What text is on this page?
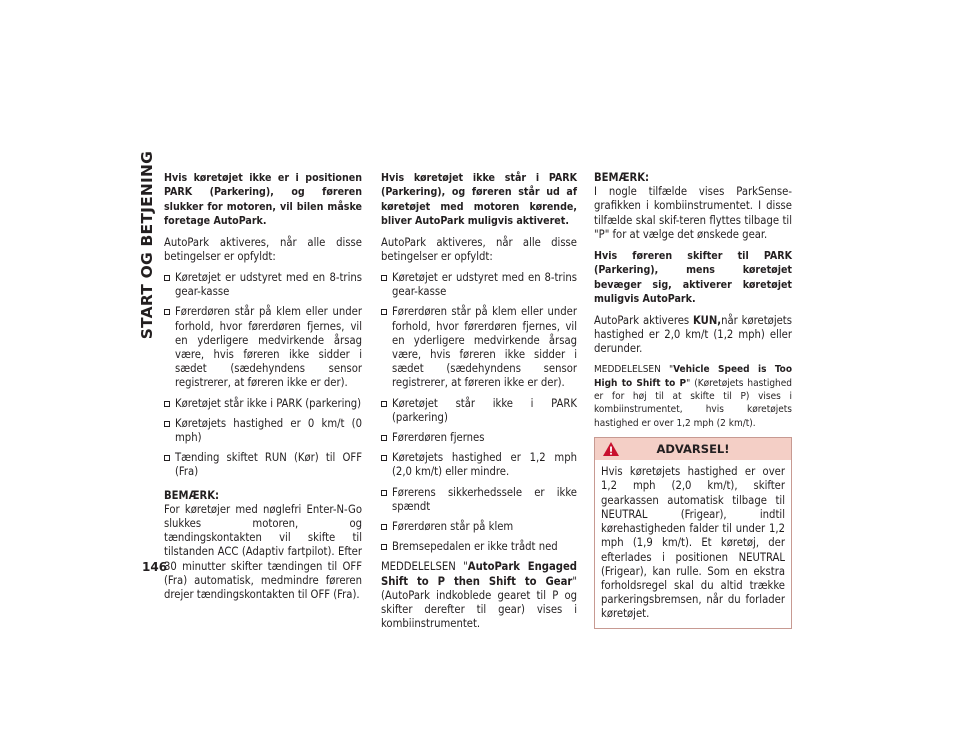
START OG BETJENING
146

Hvis køretøjet ikke er i positionen PARK (Parkering), og føreren slukker for motoren, vil bilen måske foretage AutoPark.

AutoPark aktiveres, når alle disse betingelser er opfyldt:

Køretøjet er udstyret med en 8-trins gear-kasse
Førerdøren står på klem eller under forhold, hvor førerdøren fjernes, vil en yderligere medvirkende årsag være, hvis føreren ikke sidder i sædet (sædehyndens sensor registrerer, at føreren ikke er der).
Køretøjet står ikke i PARK (parkering)
Køretøjets hastighed er 0 km/t (0 mph)
Tænding skiftet RUN (Kør) til OFF (Fra)

BEMÆRK:
For køretøjer med nøglefri Enter-N-Go slukkes motoren, og tændingskontakten vil skifte til tilstanden ACC (Adaptiv fartpilot). Efter 30 minutter skifter tændingen til OFF (Fra) automatisk, medmindre føreren drejer tændingskontakten til OFF (Fra).

Hvis køretøjet ikke står i PARK (Parkering), og føreren står ud af køretøjet med motoren kørende, bliver AutoPark muligvis aktiveret.

AutoPark aktiveres, når alle disse betingelser er opfyldt:

Køretøjet er udstyret med en 8-trins gear-kasse
Førerdøren står på klem eller under forhold, hvor førerdøren fjernes, vil en yderligere medvirkende årsag være, hvis føreren ikke sidder i sædet (sædehyndens sensor registrerer, at føreren ikke er der).
Køretøjet står ikke i PARK (parkering)
Førerdøren fjernes
Køretøjets hastighed er 1,2 mph (2,0 km/t) eller mindre.
Førerens sikkerhedssele er ikke spændt
Førerdøren står på klem
Bremsepedalen er ikke trådt ned

MEDDELELSEN "AutoPark Engaged Shift to P then Shift to Gear" (AutoPark indkoblede gearet til P og skifter derefter til gear) vises i kombiinstrumentet.

BEMÆRK:
I nogle tilfælde vises ParkSense-grafikken i kombiinstrumentet. I disse tilfælde skal skif-teren flyttes tilbage til "P" for at vælge det ønskede gear.

Hvis føreren skifter til PARK (Parkering), mens køretøjet bevæger sig, aktiverer køretøjet muligvis AutoPark.

AutoPark aktiveres KUN,når køretøjets hastighed er 2,0 km/t (1,2 mph) eller derunder.

MEDDELELSEN "Vehicle Speed is Too High to Shift to P" (Køretøjets hastighed er for høj til at skifte til P) vises i kombiinstrumentet, hvis køretøjets hastighed er over 1,2 mph (2 km/t).

ADVARSEL!
Hvis køretøjets hastighed er over 1,2 mph (2,0 km/t), skifter gearkassen automatisk tilbage til NEUTRAL (Frigear), indtil kørehastigheden falder til under 1,2 mph (1,9 km/t). Et køretøj, der efterlades i positionen NEUTRAL (Frigear), kan rulle. Som en ekstra forholdsregel skal du altid trække parkeringsbremsen, når du forlader køretøjet.
